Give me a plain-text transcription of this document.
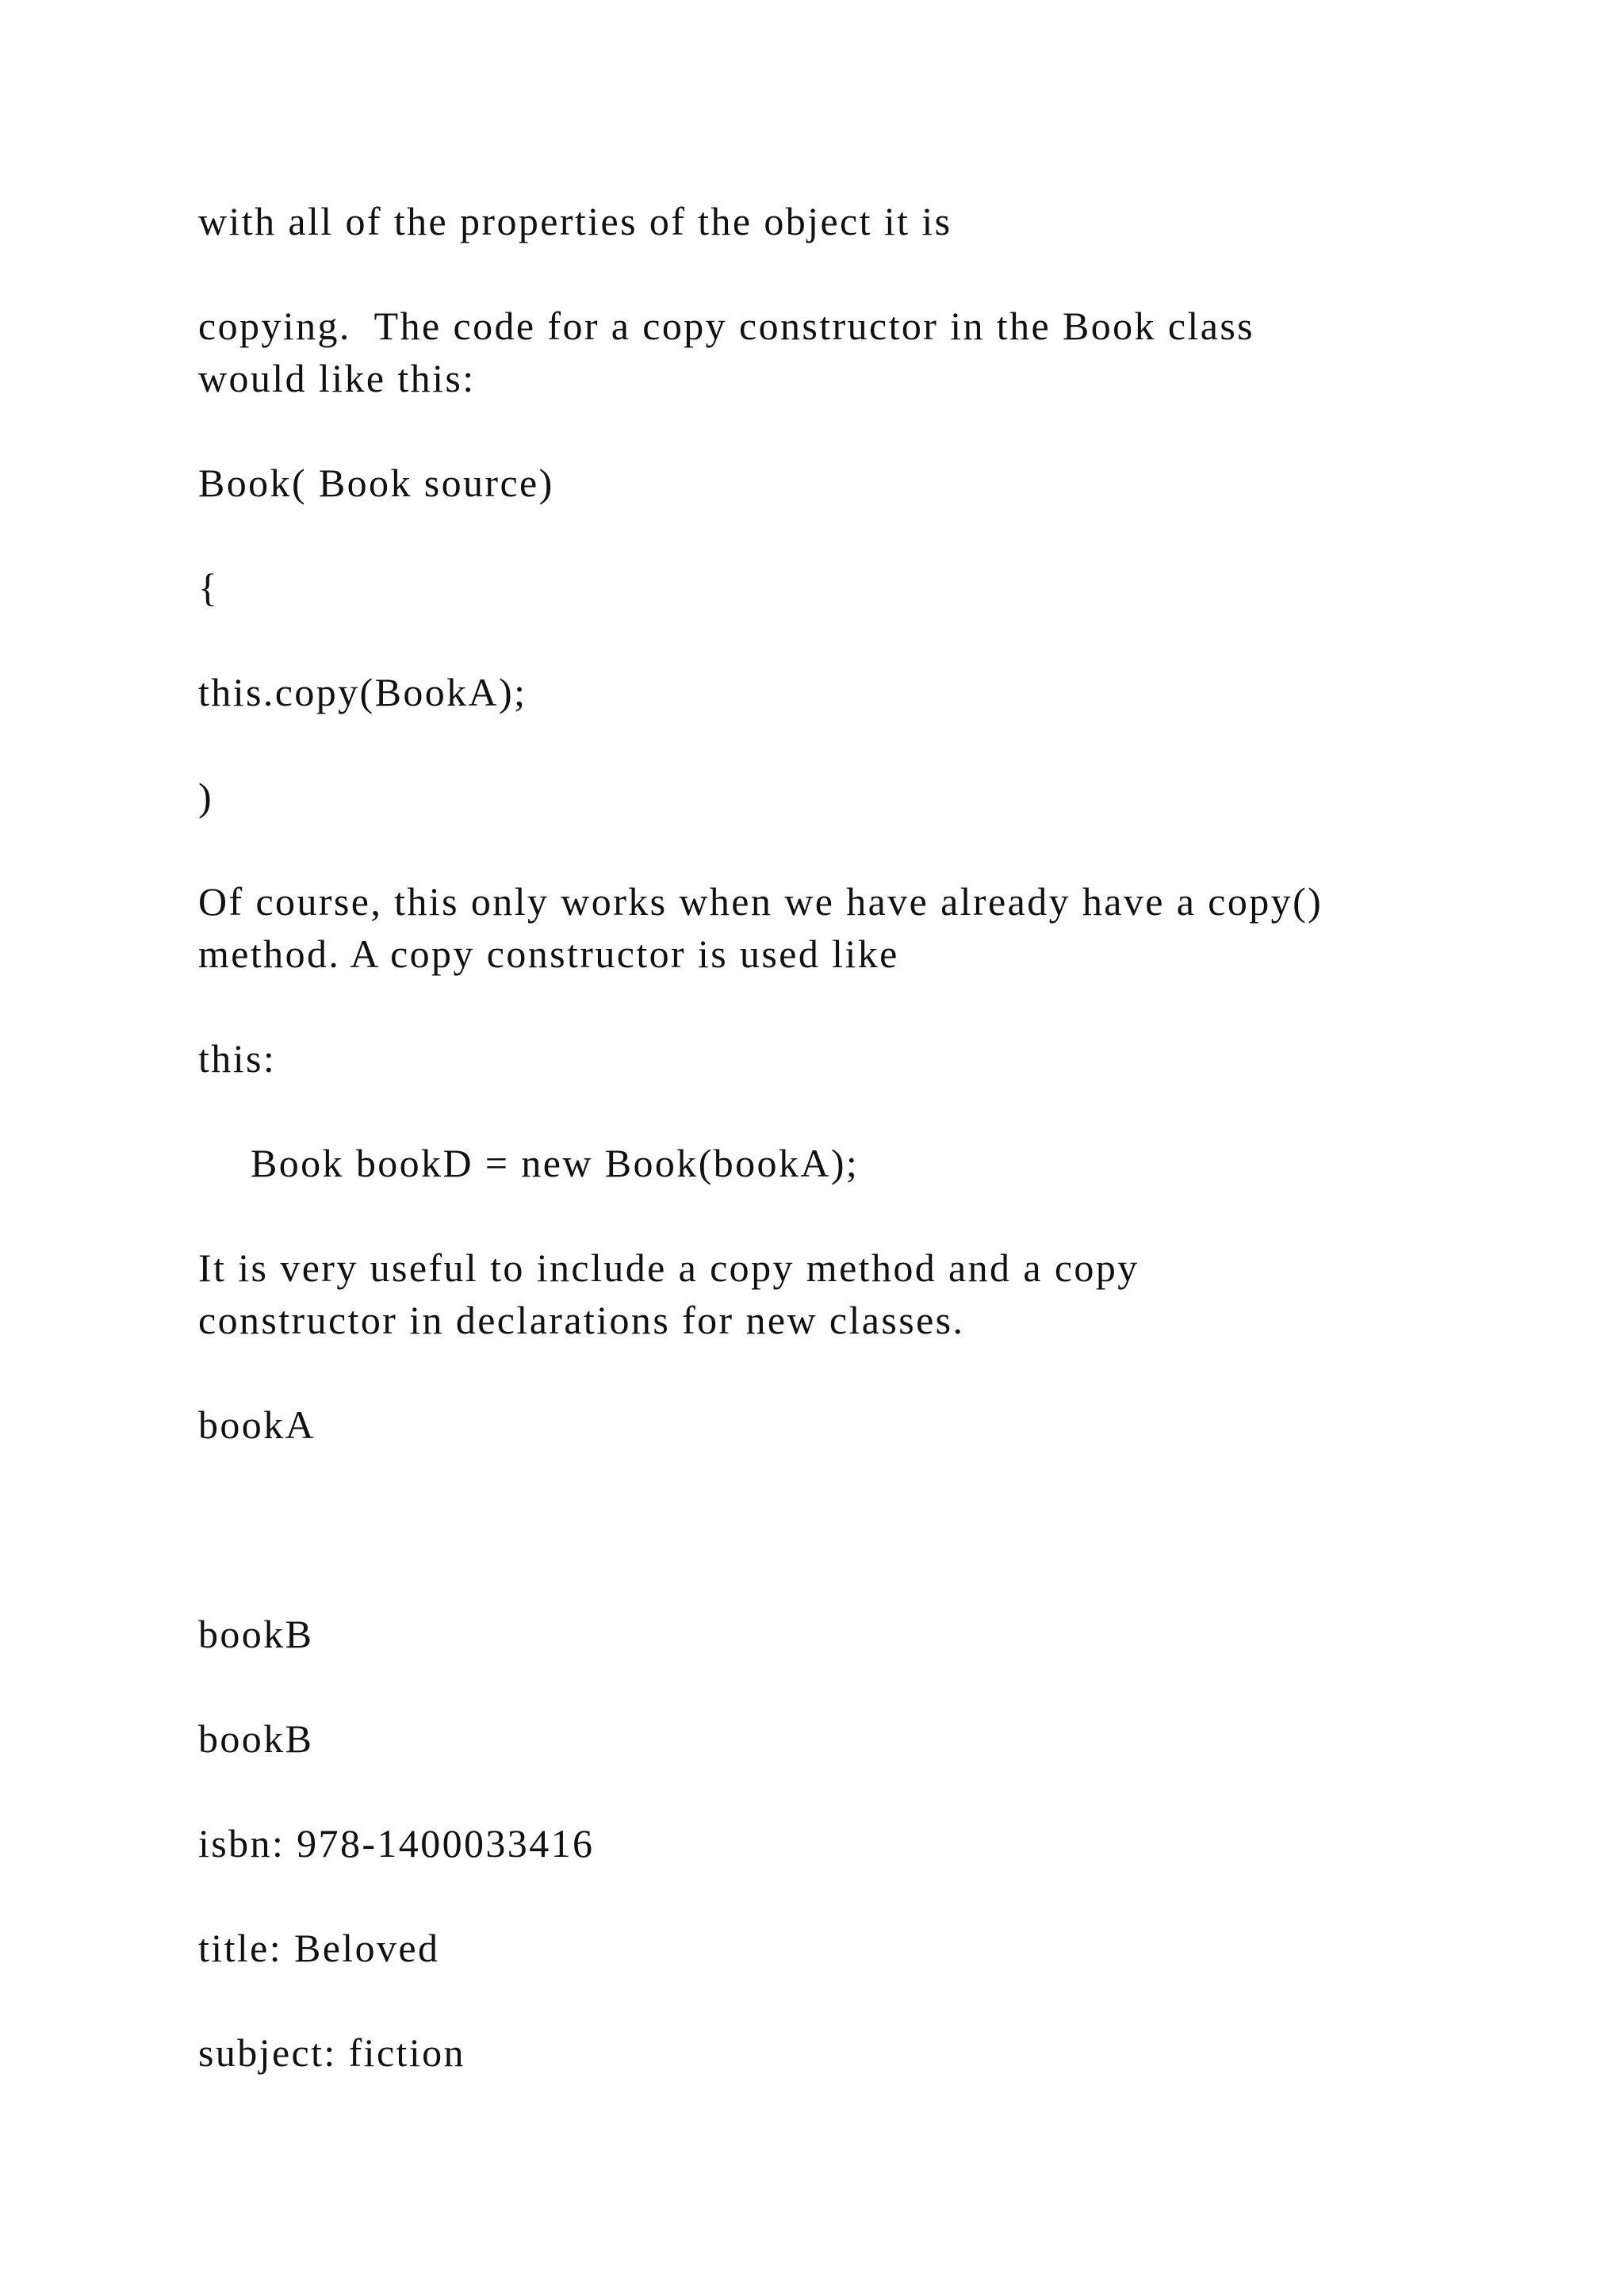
with all of the properties of the object it is

copying.  The code for a copy constructor in the Book class

would like this:

Book( Book source)

{

this.copy(BookA);

)

Of course, this only works when we have already have a copy()

method. A copy constructor is used like

this:

Book bookD = new Book(bookA);

It is very useful to include a copy method and a copy

constructor in declarations for new classes.

bookA

bookB

bookB

isbn: 978-1400033416

title: Beloved

subject: fiction
